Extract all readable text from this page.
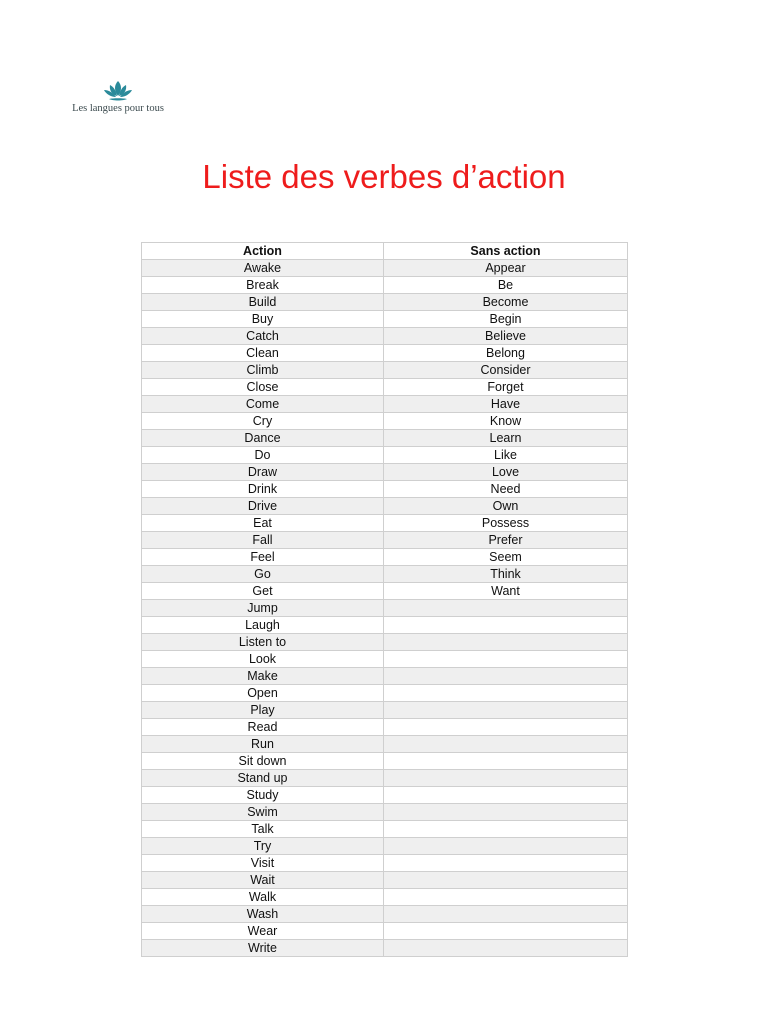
Les langues pour tous
Liste des verbes d’action
Action	Sans action
Awake	Appear
Break	Be
Build	Become
Buy	Begin
Catch	Believe
Clean	Belong
Climb	Consider
Close	Forget
Come	Have
Cry	Know
Dance	Learn
Do	Like
Draw	Love
Drink	Need
Drive	Own
Eat	Possess
Fall	Prefer
Feel	Seem
Go	Think
Get	Want
Jump	
Laugh	
Listen to	
Look	
Make	
Open	
Play	
Read	
Run	
Sit down	
Stand up	
Study	
Swim	
Talk	
Try	
Visit	
Wait	
Walk	
Wash	
Wear	
Write	
